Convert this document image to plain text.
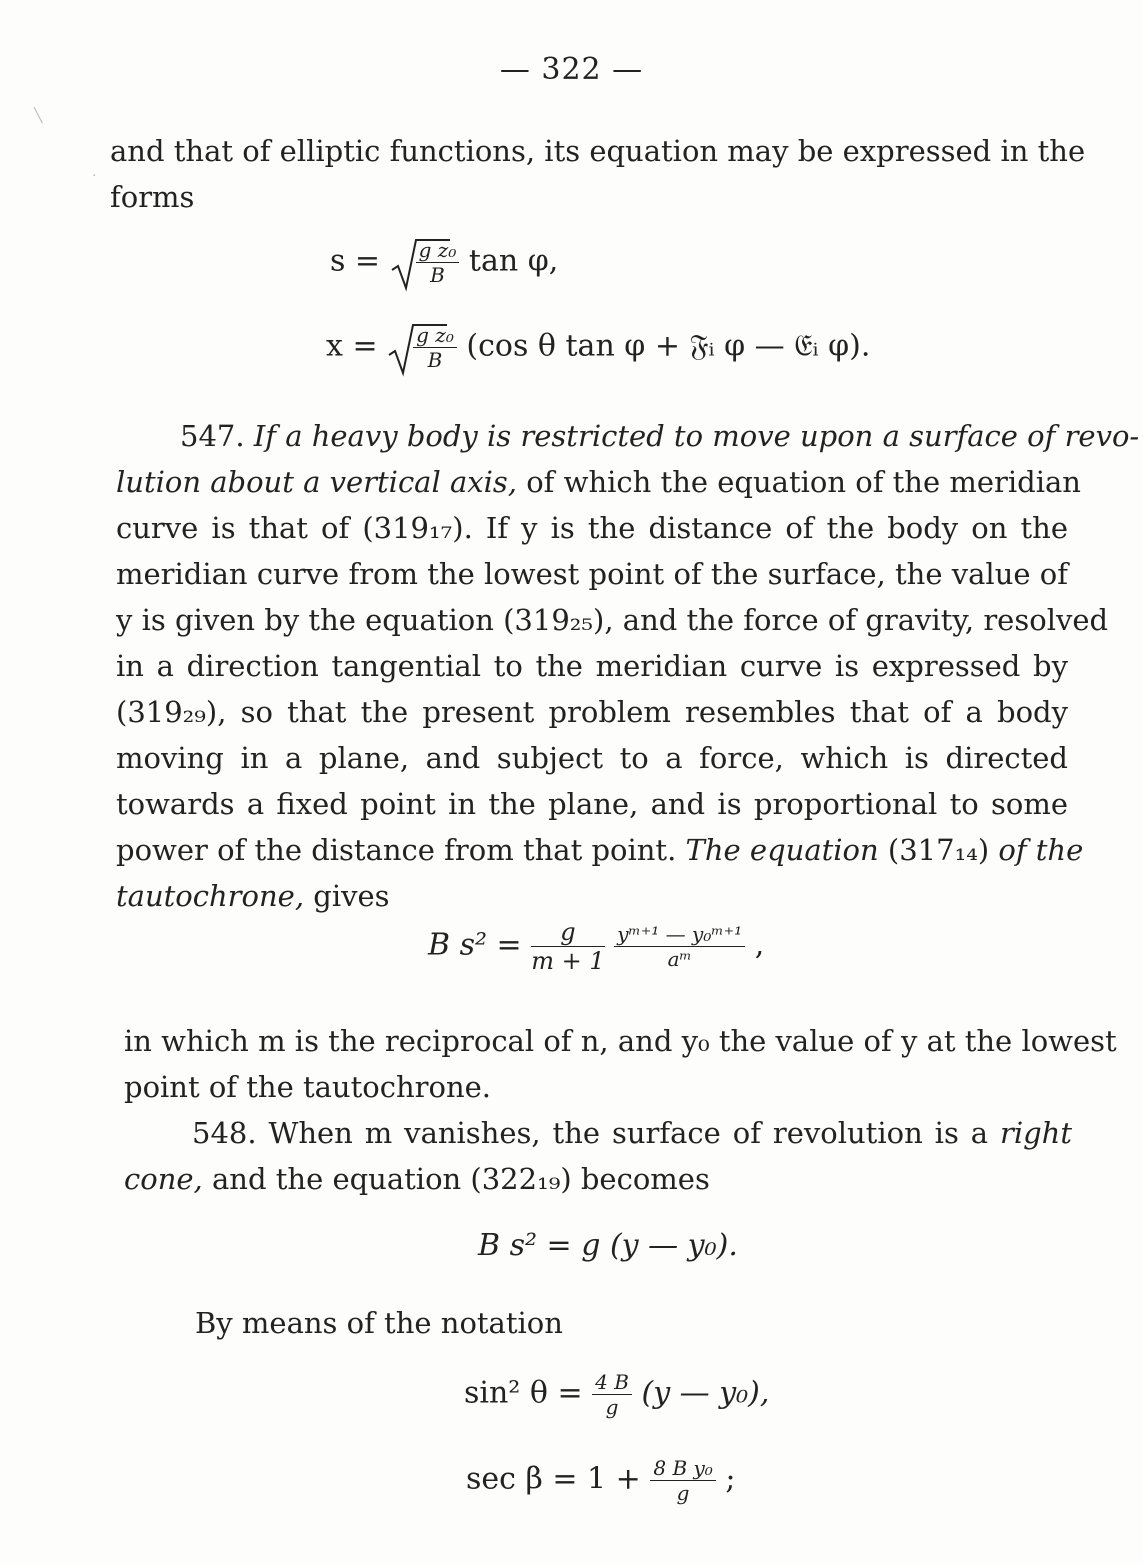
— 322 —
and that of elliptic functions, its equation may be expressed in the
forms
$s = \frac{\text{g z₀}}{B}$ tan φ,
$x = \frac{\text{g z₀}}{B} (\cos$ θ tan φ + 𝔉ᵢ φ — 𝔈ᵢ φ).
547. If a heavy body is restricted to move upon a surface of revo-
lution about a vertical axis, of which the equation of the meridian
curve is that of (319₁₇). If y is the distance of the body on the
meridian curve from the lowest point of the surface, the value of
y is given by the equation (319₂₅), and the force of gravity, resolved
in a direction tangential to the meridian curve is expressed by
(319₂₉), so that the present problem resembles that of a body
moving in a plane, and subject to a force, which is directed
towards a fixed point in the plane, and is proportional to some
power of the distance from that point. The equation (317₁₄) of the
tautochrone, gives
B $s^2 = \frac{g}{m + 1}$
$\frac{\text{yᵐ⁺¹ — y₀ᵐ⁺¹}}{\text{aᵐ}}$ ,
in which m is the reciprocal of n, and y₀ the value of y at the lowest
point of the tautochrone.
548. When m vanishes, the surface of revolution is a right
cone, and the equation (322₁₉) becomes
B s² = g (y — y₀).
By means of the notation
sin² $\theta = \frac{4 B}{g} (y$ — y₀),
$\sec \beta = 1 + \frac{\text{8 B y₀}}{g}$ ;
╲
·
